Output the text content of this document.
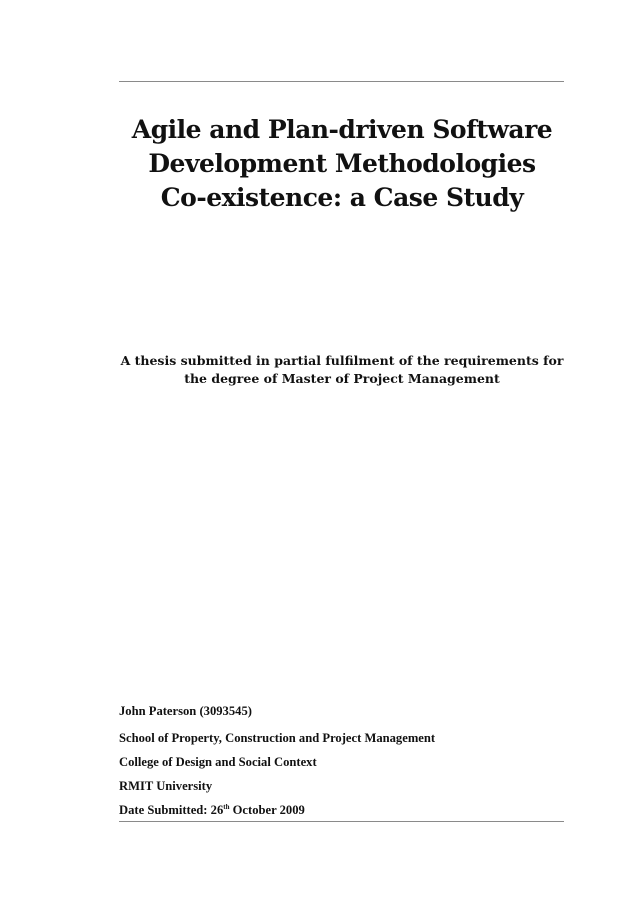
Agile and Plan-driven Software
Development Methodologies
Co-existence: a Case Study

A thesis submitted in partial fulfilment of the requirements for
the degree of Master of Project Management

John Paterson (3093545)
School of Property, Construction and Project Management
College of Design and Social Context
RMIT University
Date Submitted: 26th October 2009
